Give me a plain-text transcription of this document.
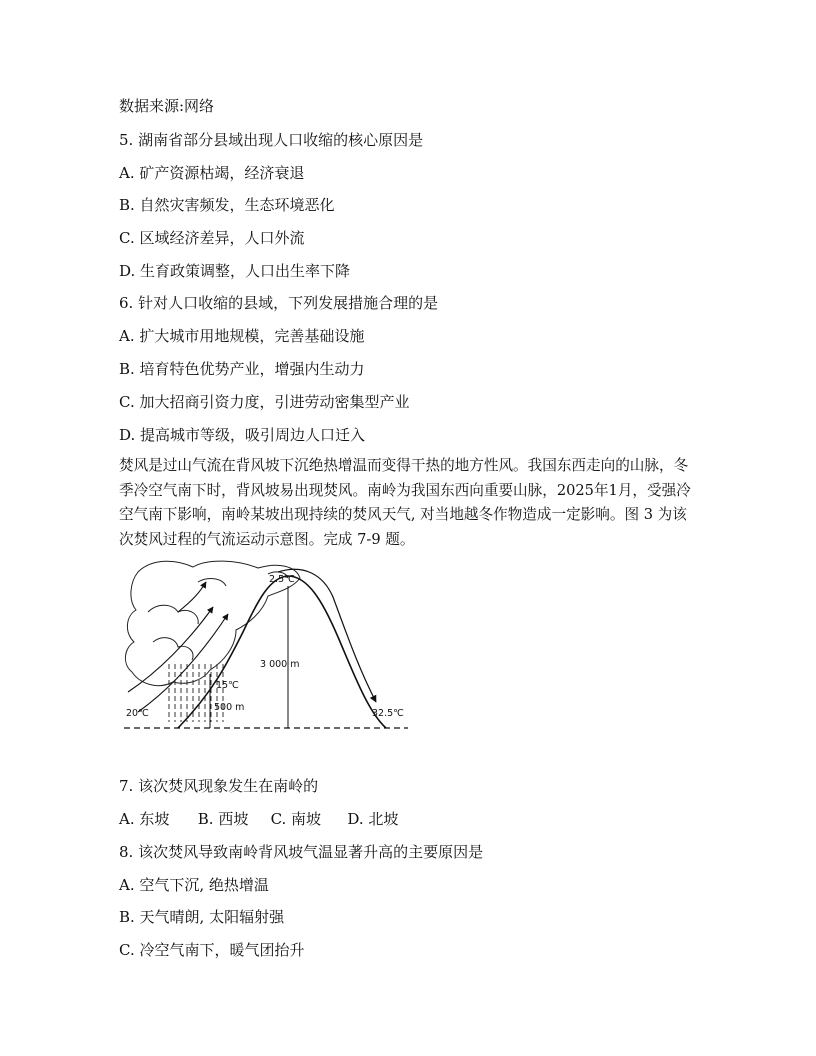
数据来源:网络
5. 湖南省部分县域出现人口收缩的核心原因是
A. 矿产资源枯竭，经济衰退
B. 自然灾害频发，生态环境恶化
C. 区域经济差异，人口外流
D. 生育政策调整，人口出生率下降
6. 针对人口收缩的县域，下列发展措施合理的是
A. 扩大城市用地规模，完善基础设施
B. 培育特色优势产业，增强内生动力
C. 加大招商引资力度，引进劳动密集型产业
D. 提高城市等级，吸引周边人口迁入
焚风是过山气流在背风坡下沉绝热增温而变得干热的地方性风。我国东西走向的山脉，冬季冷空气南下时，背风坡易出现焚风。南岭为我国东西向重要山脉，2025年1月，受强冷空气南下影响，南岭某坡出现持续的焚风天气, 对当地越冬作物造成一定影响。图 3 为该次焚风过程的气流运动示意图。完成 7-9 题。
20℃
15℃
500 m
3 000 m
2.5℃
32.5℃
7. 该次焚风现象发生在南岭的
A. 东坡 B. 西坡 C. 南坡 D. 北坡
8. 该次焚风导致南岭背风坡气温显著升高的主要原因是
A. 空气下沉, 绝热增温
B. 天气晴朗, 太阳辐射强
C. 冷空气南下，暖气团抬升
